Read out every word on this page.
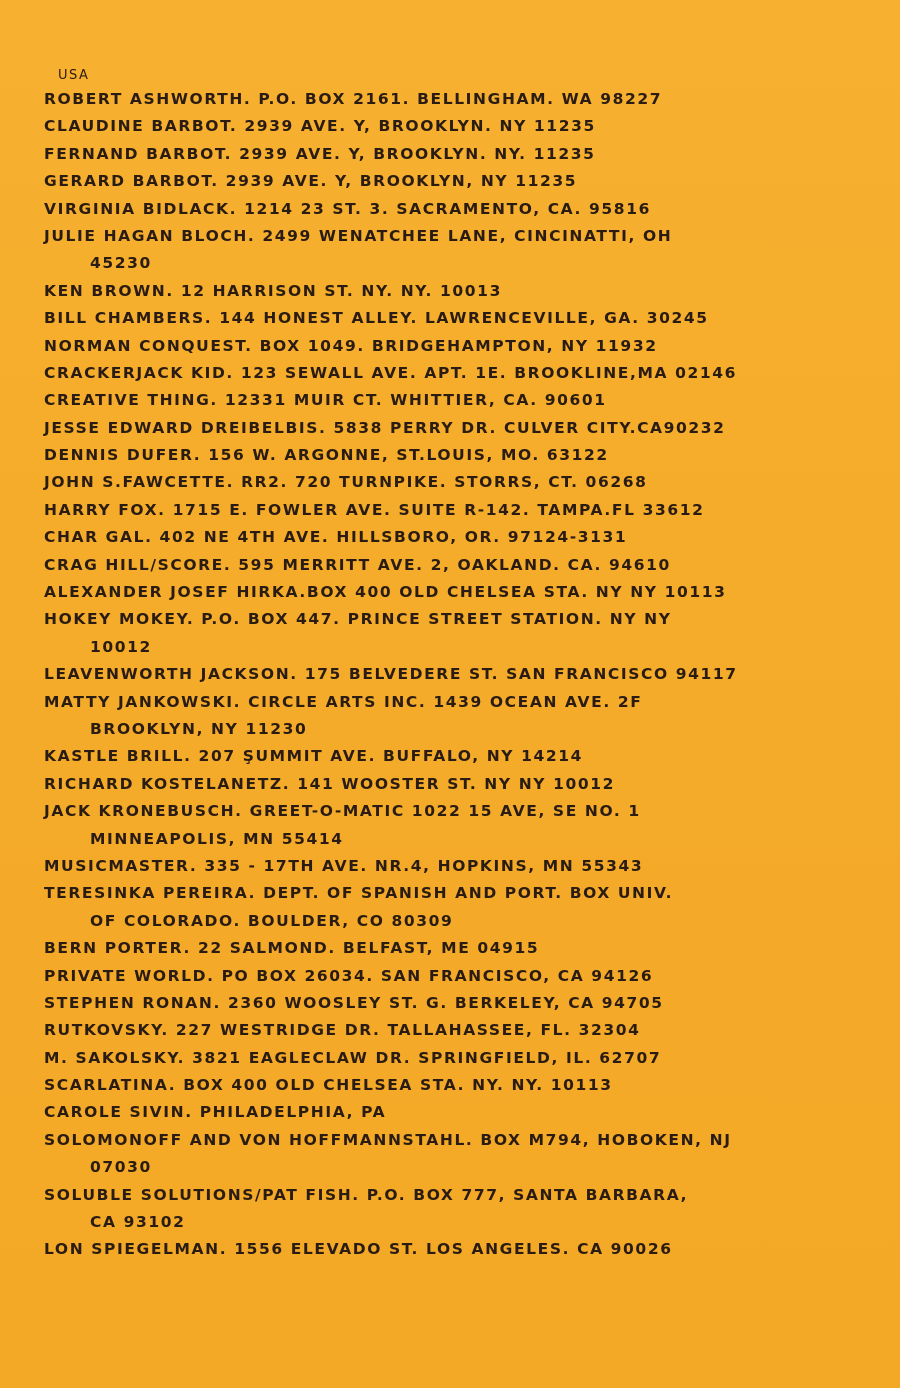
USA
ROBERT ASHWORTH. P.O. BOX 2161. BELLINGHAM. WA 98227
CLAUDINE BARBOT. 2939 AVE. Y, BROOKLYN. NY 11235
FERNAND BARBOT. 2939 AVE. Y, BROOKLYN. NY. 11235
GERARD BARBOT. 2939 AVE. Y, BROOKLYN, NY 11235
VIRGINIA BIDLACK. 1214 23 ST. 3. SACRAMENTO, CA. 95816
JULIE HAGAN BLOCH. 2499 WENATCHEE LANE, CINCINATTI, OH
45230
KEN BROWN. 12 HARRISON ST. NY. NY. 10013
BILL CHAMBERS. 144 HONEST ALLEY. LAWRENCEVILLE, GA. 30245
NORMAN CONQUEST. BOX 1049. BRIDGEHAMPTON, NY 11932
CRACKERJACK KID. 123 SEWALL AVE. APT. 1E. BROOKLINE,MA 02146
CREATIVE THING. 12331 MUIR CT. WHITTIER, CA. 90601
JESSE EDWARD DREIBELBIS. 5838 PERRY DR. CULVER CITY.CA90232
DENNIS DUFER. 156 W. ARGONNE, ST.LOUIS, MO. 63122
JOHN S.FAWCETTE. RR2. 720 TURNPIKE. STORRS, CT. 06268
HARRY FOX. 1715 E. FOWLER AVE. SUITE R-142. TAMPA.FL 33612
CHAR GAL. 402 NE 4TH AVE. HILLSBORO, OR. 97124-3131
CRAG HILL/SCORE. 595 MERRITT AVE. 2, OAKLAND. CA. 94610
ALEXANDER JOSEF HIRKA.BOX 400 OLD CHELSEA STA. NY NY 10113
HOKEY MOKEY. P.O. BOX 447. PRINCE STREET STATION. NY NY
10012
LEAVENWORTH JACKSON. 175 BELVEDERE ST. SAN FRANCISCO 94117
MATTY JANKOWSKI. CIRCLE ARTS INC. 1439 OCEAN AVE. 2F
BROOKLYN, NY 11230
KASTLE BRILL. 207 ŞUMMIT AVE. BUFFALO, NY 14214
RICHARD KOSTELANETZ. 141 WOOSTER ST. NY NY 10012
JACK KRONEBUSCH. GREET-O-MATIC 1022 15 AVE, SE NO. 1
MINNEAPOLIS, MN 55414
MUSICMASTER. 335 - 17TH AVE. NR.4, HOPKINS, MN 55343
TERESINKA PEREIRA. DEPT. OF SPANISH AND PORT. BOX UNIV.
OF COLORADO. BOULDER, CO 80309
BERN PORTER. 22 SALMOND. BELFAST, ME 04915
PRIVATE WORLD. PO BOX 26034. SAN FRANCISCO, CA 94126
STEPHEN RONAN. 2360 WOOSLEY ST. G. BERKELEY, CA 94705
RUTKOVSKY. 227 WESTRIDGE DR. TALLAHASSEE, FL. 32304
M. SAKOLSKY. 3821 EAGLECLAW DR. SPRINGFIELD, IL. 62707
SCARLATINA. BOX 400 OLD CHELSEA STA. NY. NY. 10113
CAROLE SIVIN. PHILADELPHIA, PA
SOLOMONOFF AND VON HOFFMANNSTAHL. BOX M794, HOBOKEN, NJ
07030
SOLUBLE SOLUTIONS/PAT FISH. P.O. BOX 777, SANTA BARBARA,
CA 93102
LON SPIEGELMAN. 1556 ELEVADO ST. LOS ANGELES. CA 90026
